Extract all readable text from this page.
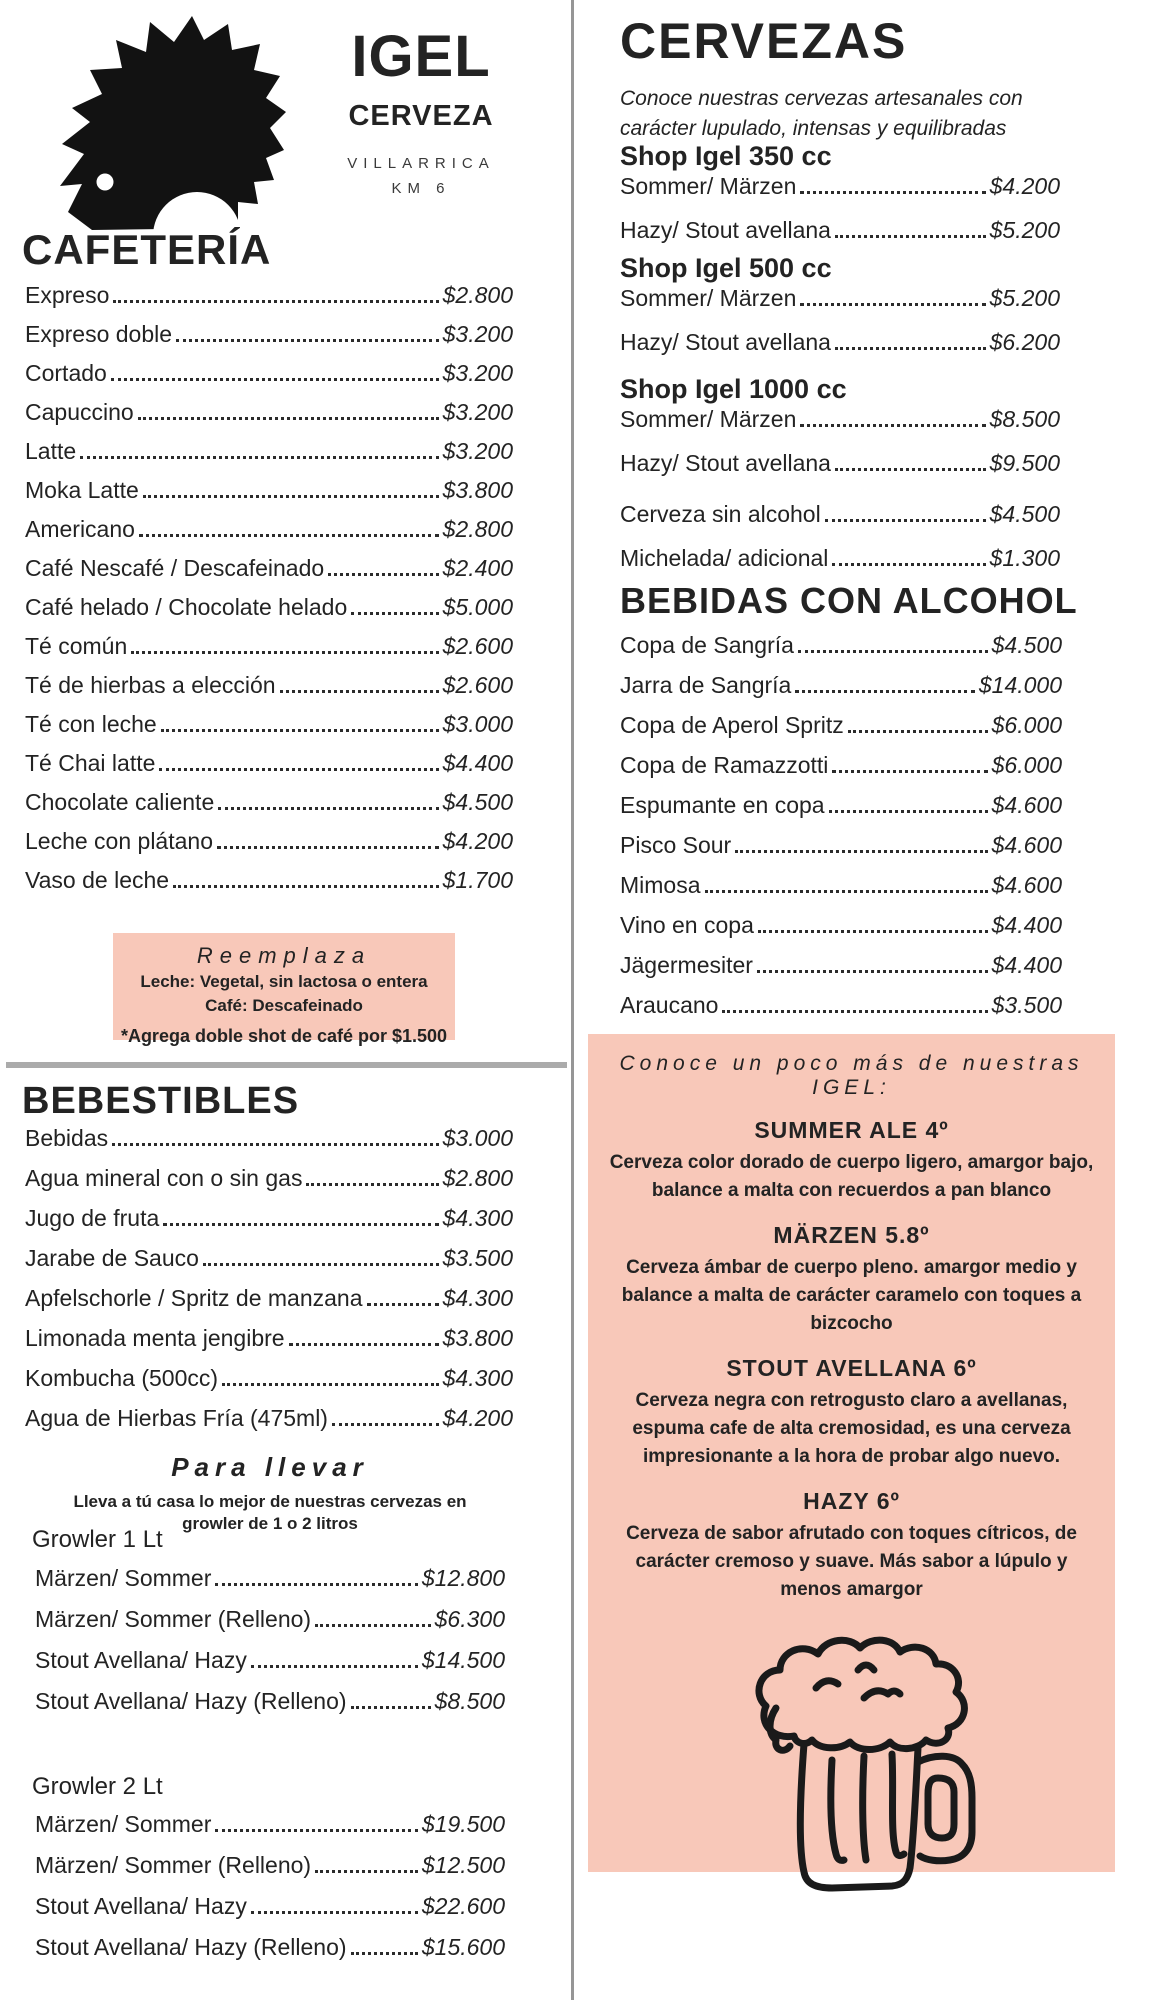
IGEL
CERVEZA
VILLARRICA
KM 6
CAFETERÍA
Expreso	$2.800
Expreso doble	$3.200
Cortado	$3.200
Capuccino	$3.200
Latte	$3.200
Moka Latte	$3.800
Americano	$2.800
Café Nescafé / Descafeinado	$2.400
Café helado / Chocolate helado	$5.000
Té común	$2.600
Té de hierbas a elección	$2.600
Té con leche	$3.000
Té Chai latte	$4.400
Chocolate caliente	$4.500
Leche con plátano	$4.200
Vaso de leche	$1.700
Reemplaza
Leche: Vegetal, sin lactosa o entera
Café: Descafeinado
*Agrega doble shot de café por $1.500
BEBESTIBLES
Bebidas	$3.000
Agua mineral con o sin gas	$2.800
Jugo de fruta	$4.300
Jarabe de Sauco	$3.500
Apfelschorle / Spritz de manzana	$4.300
Limonada menta jengibre	$3.800
Kombucha (500cc)	$4.300
Agua de Hierbas Fría (475ml)	$4.200
Para llevar
Lleva a tú casa lo mejor de nuestras cervezas en growler de 1 o 2 litros
Growler 1 Lt
Märzen/ Sommer	$12.800
Märzen/ Sommer (Relleno)	$6.300
Stout Avellana/ Hazy	$14.500
Stout Avellana/ Hazy (Relleno)	$8.500
Growler 2 Lt
Märzen/ Sommer	$19.500
Märzen/ Sommer (Relleno)	$12.500
Stout Avellana/ Hazy	$22.600
Stout Avellana/ Hazy (Relleno)	$15.600
CERVEZAS
Conoce nuestras cervezas artesanales con carácter lupulado, intensas y equilibradas
Shop Igel 350 cc
Sommer/ Märzen	$4.200
Hazy/ Stout avellana	$5.200
Shop Igel 500 cc
Sommer/ Märzen	$5.200
Hazy/ Stout avellana	$6.200
Shop Igel 1000 cc
Sommer/ Märzen	$8.500
Hazy/ Stout avellana	$9.500
Cerveza sin alcohol	$4.500
Michelada/ adicional	$1.300
BEBIDAS CON ALCOHOL
Copa de Sangría	$4.500
Jarra de Sangría	$14.000
Copa de Aperol Spritz	$6.000
Copa de Ramazzotti	$6.000
Espumante en copa	$4.600
Pisco Sour	$4.600
Mimosa	$4.600
Vino en copa	$4.400
Jägermesiter	$4.400
Araucano	$3.500
Conoce un poco más de nuestras IGEL:
SUMMER ALE 4º
Cerveza color dorado de cuerpo ligero, amargor bajo, balance a malta con recuerdos a pan blanco
MÄRZEN 5.8º
Cerveza ámbar de cuerpo pleno. amargor medio y balance a malta de carácter caramelo con toques a bizcocho
STOUT AVELLANA 6º
Cerveza negra con retrogusto claro a avellanas, espuma cafe de alta cremosidad, es una cerveza impresionante a la hora de probar algo nuevo.
HAZY 6º
Cerveza de sabor afrutado con toques cítricos, de carácter cremoso y suave. Más sabor a lúpulo y menos amargor
